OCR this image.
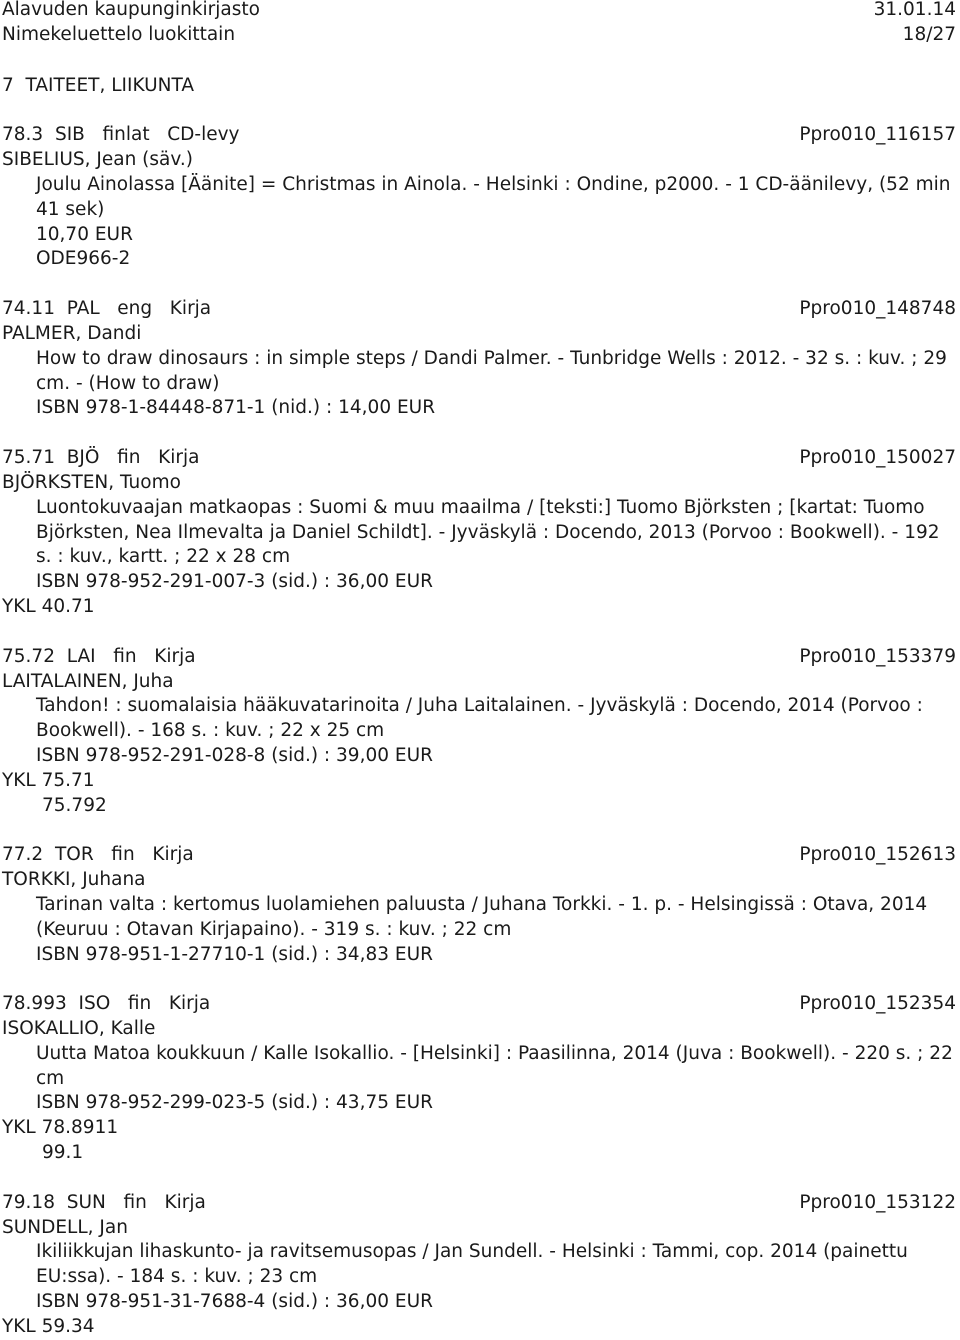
Alavuden kaupunginkirjasto	31.01.14
Nimekeluettelo luokittain	18/27
7  TAITEET, LIIKUNTA
78.3  SIB   finlat   CD-levy	Ppro010_116157
SIBELIUS, Jean (säv.)
Joulu Ainolassa [Äänite] = Christmas in Ainola. - Helsinki : Ondine, p2000. - 1 CD-äänilevy, (52 min 41 sek)
10,70 EUR
ODE966-2
74.11  PAL   eng   Kirja	Ppro010_148748
PALMER, Dandi
How to draw dinosaurs : in simple steps / Dandi Palmer. - Tunbridge Wells : 2012. - 32 s. : kuv. ; 29 cm. - (How to draw)
ISBN 978-1-84448-871-1 (nid.) : 14,00 EUR
75.71  BJÖ   fin   Kirja	Ppro010_150027
BJÖRKSTEN, Tuomo
Luontokuvaajan matkaopas : Suomi & muu maailma / [teksti:] Tuomo Björksten ; [kartat: Tuomo Björksten, Nea Ilmevalta ja Daniel Schildt]. - Jyväskylä : Docendo, 2013 (Porvoo : Bookwell). - 192 s. : kuv., kartt. ; 22 x 28 cm
ISBN 978-952-291-007-3 (sid.) : 36,00 EUR
YKL 40.71
75.72  LAI   fin   Kirja	Ppro010_153379
LAITALAINEN, Juha
Tahdon! : suomalaisia hääkuvatarinoita / Juha Laitalainen. - Jyväskylä : Docendo, 2014 (Porvoo : Bookwell). - 168 s. : kuv. ; 22 x 25 cm
ISBN 978-952-291-028-8 (sid.) : 39,00 EUR
YKL 75.71
75.792
77.2  TOR   fin   Kirja	Ppro010_152613
TORKKI, Juhana
Tarinan valta : kertomus luolamiehen paluusta / Juhana Torkki. - 1. p. - Helsingissä : Otava, 2014 (Keuruu : Otavan Kirjapaino). - 319 s. : kuv. ; 22 cm
ISBN 978-951-1-27710-1 (sid.) : 34,83 EUR
78.993  ISO   fin   Kirja	Ppro010_152354
ISOKALLIO, Kalle
Uutta Matoa koukkuun / Kalle Isokallio. - [Helsinki] : Paasilinna, 2014 (Juva : Bookwell). - 220 s. ; 22 cm
ISBN 978-952-299-023-5 (sid.) : 43,75 EUR
YKL 78.8911
99.1
79.18  SUN   fin   Kirja	Ppro010_153122
SUNDELL, Jan
Ikiliikkujan lihaskunto- ja ravitsemusopas / Jan Sundell. - Helsinki : Tammi, cop. 2014 (painettu EU:ssa). - 184 s. : kuv. ; 23 cm
ISBN 978-951-31-7688-4 (sid.) : 36,00 EUR
YKL 59.34
